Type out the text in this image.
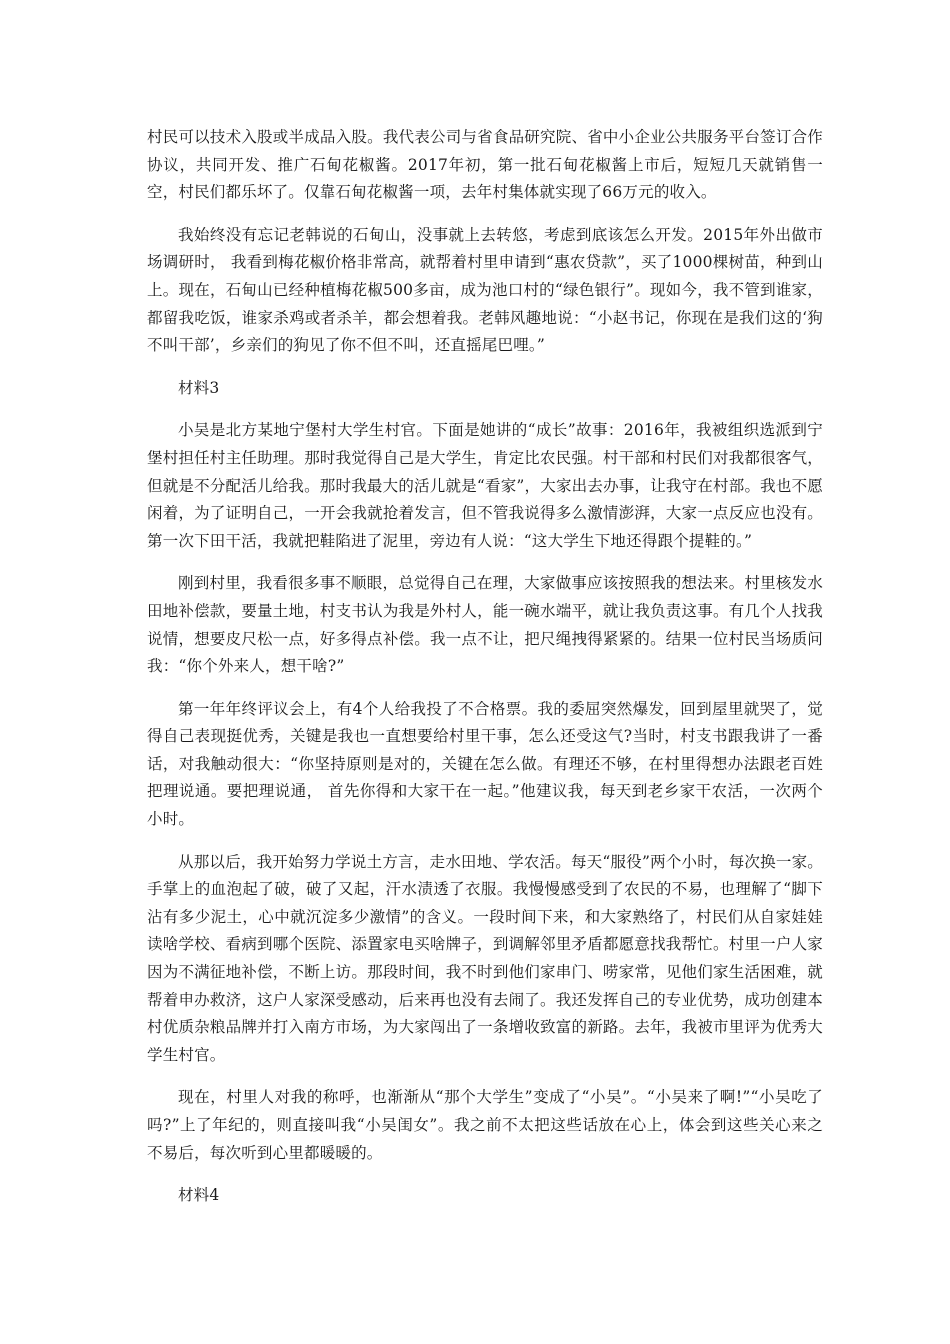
村民可以技术入股或半成品入股。我代表公司与省食品研究院、省中小企业公共服务平台签订合作协议，共同开发、推广石甸花椒酱。2017年初，第一批石甸花椒酱上市后，短短几天就销售一空，村民们都乐坏了。仅靠石甸花椒酱一项，去年村集体就实现了66万元的收入。

我始终没有忘记老韩说的石甸山，没事就上去转悠，考虑到底该怎么开发。2015年外出做市场调研时， 我看到梅花椒价格非常高，就帮着村里申请到“惠农贷款”，买了1000棵树苗，种到山上。现在，石甸山已经种植梅花椒500多亩，成为池口村的“绿色银行”。现如今，我不管到谁家，都留我吃饭，谁家杀鸡或者杀羊，都会想着我。老韩风趣地说：“小赵书记，你现在是我们这的‘狗不叫干部’，乡亲们的狗见了你不但不叫，还直摇尾巴哩。”

材料3

小吴是北方某地宁堡村大学生村官。下面是她讲的“成长”故事：2016年，我被组织选派到宁堡村担任村主任助理。那时我觉得自己是大学生，肯定比农民强。村干部和村民们对我都很客气，但就是不分配活儿给我。那时我最大的活儿就是“看家”，大家出去办事，让我守在村部。我也不愿闲着，为了证明自己，一开会我就抢着发言，但不管我说得多么激情澎湃，大家一点反应也没有。第一次下田干活，我就把鞋陷进了泥里，旁边有人说：“这大学生下地还得跟个提鞋的。”

刚到村里，我看很多事不顺眼，总觉得自己在理，大家做事应该按照我的想法来。村里核发水田地补偿款，要量土地，村支书认为我是外村人，能一碗水端平，就让我负责这事。有几个人找我说情，想要皮尺松一点，好多得点补偿。我一点不让，把尺绳拽得紧紧的。结果一位村民当场质问我：“你个外来人，想干啥?”

第一年年终评议会上，有4个人给我投了不合格票。我的委屈突然爆发，回到屋里就哭了，觉得自己表现挺优秀，关键是我也一直想要给村里干事，怎么还受这气?当时，村支书跟我讲了一番话，对我触动很大：“你坚持原则是对的，关键在怎么做。有理还不够，在村里得想办法跟老百姓把理说通。要把理说通， 首先你得和大家干在一起。”他建议我，每天到老乡家干农活，一次两个小时。

从那以后，我开始努力学说土方言，走水田地、学农活。每天“服役”两个小时，每次换一家。手掌上的血泡起了破，破了又起，汗水渍透了衣服。我慢慢感受到了农民的不易，也理解了“脚下沾有多少泥土，心中就沉淀多少激情”的含义。一段时间下来，和大家熟络了，村民们从自家娃娃读啥学校、看病到哪个医院、添置家电买啥牌子，到调解邻里矛盾都愿意找我帮忙。村里一户人家因为不满征地补偿，不断上访。那段时间，我不时到他们家串门、唠家常，见他们家生活困难，就帮着申办救济，这户人家深受感动，后来再也没有去闹了。我还发挥自己的专业优势，成功创建本村优质杂粮品牌并打入南方市场，为大家闯出了一条增收致富的新路。去年，我被市里评为优秀大学生村官。

现在，村里人对我的称呼，也渐渐从“那个大学生”变成了“小吴”。“小吴来了啊!”“小吴吃了吗?”上了年纪的，则直接叫我“小吴闺女”。我之前不太把这些话放在心上，体会到这些关心来之不易后，每次听到心里都暖暖的。

材料4
